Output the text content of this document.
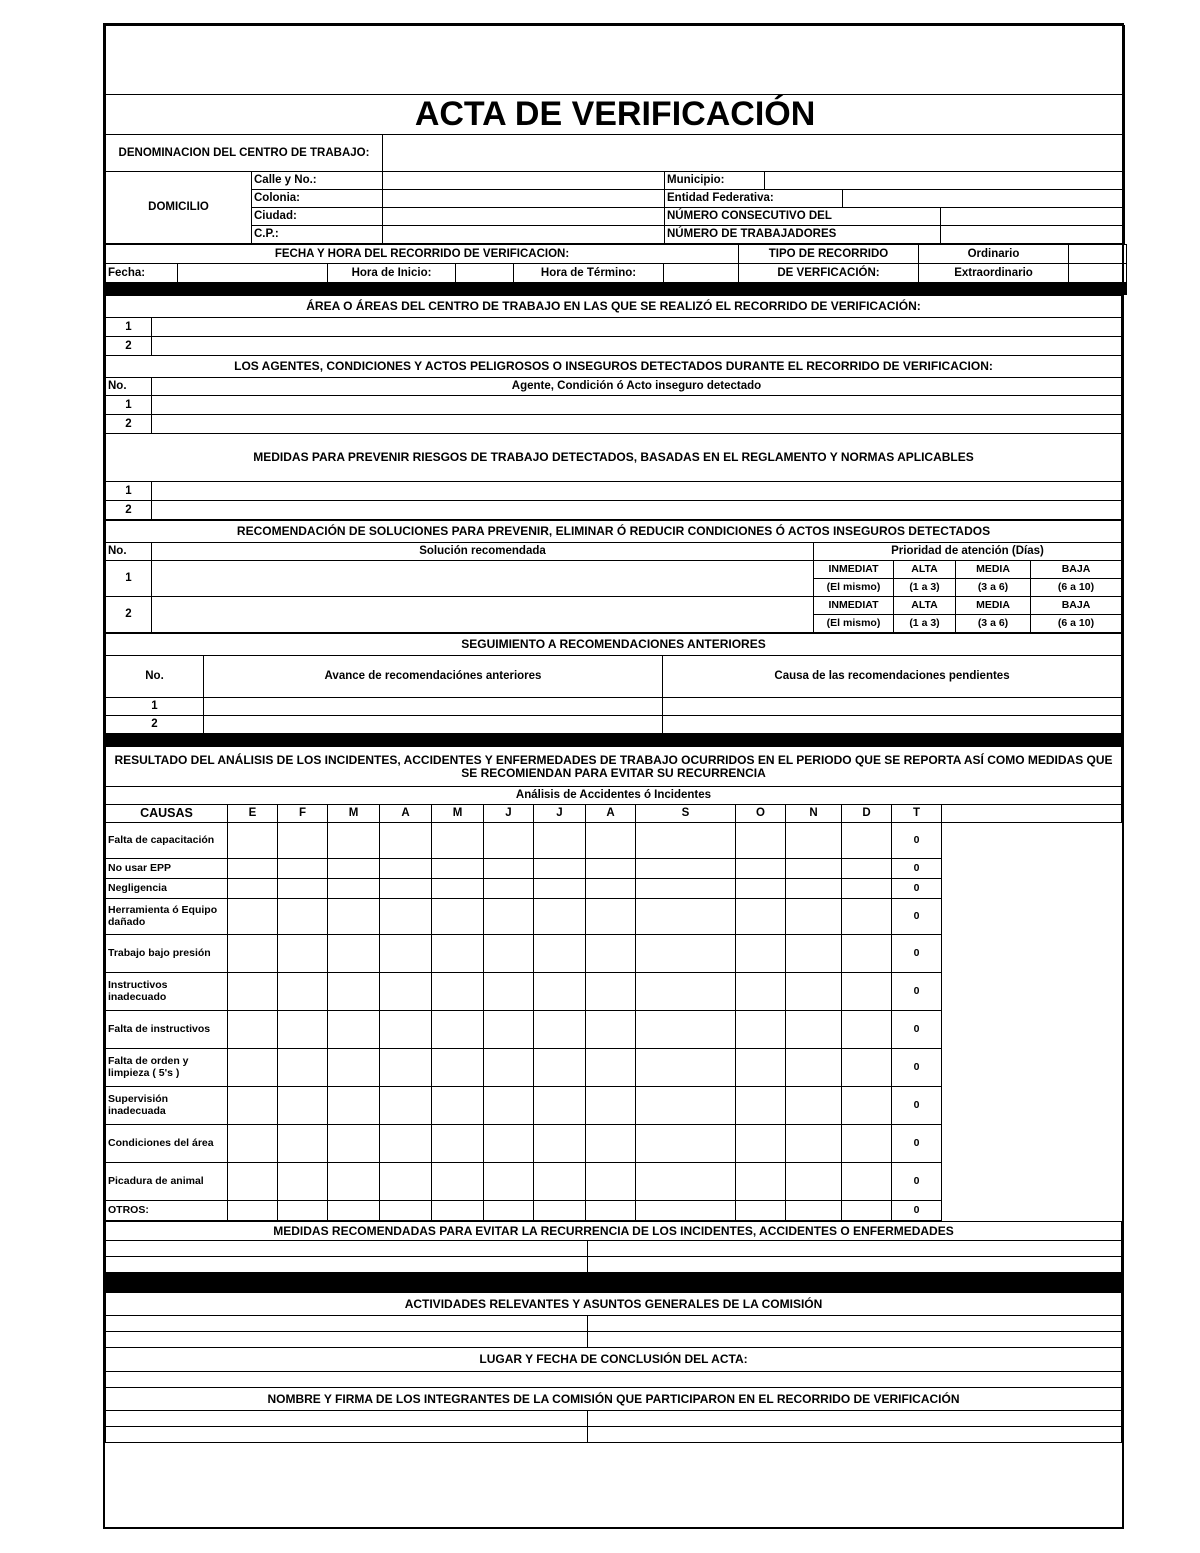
ACTA DE VERIFICACIÓN						
DENOMINACION DEL CENTRO DE TRABAJO:						
DOMICILIO	Calle y No.:		Municipio:			
	Colonia:		Entidad Federativa:			
	Ciudad:		NÚMERO CONSECUTIVO DEL			
	C.P.:		NÚMERO DE TRABAJADORES			
FECHA Y HORA DEL RECORRIDO DE VERIFICACION:						TIPO DE RECORRIDO	Ordinario	
Fecha:		Hora de Inicio:		Hora de Término:		DE VERFICACIÓN:	Extraordinario	

ÁREA O ÁREAS DEL CENTRO DE TRABAJO EN LAS QUE SE REALIZÓ EL RECORRIDO DE VERIFICACIÓN:	
1	
2	
LOS AGENTES, CONDICIONES Y ACTOS PELIGROSOS O INSEGUROS DETECTADOS DURANTE EL RECORRIDO DE VERIFICACION:	
No.	Agente, Condición ó Acto inseguro detectado
1	
2	
MEDIDAS PARA PREVENIR RIESGOS DE TRABAJO DETECTADOS, BASADAS EN EL REGLAMENTO Y NORMAS APLICABLES	
1	
2	
RECOMENDACIÓN DE SOLUCIONES PARA PREVENIR, ELIMINAR Ó REDUCIR CONDICIONES Ó ACTOS INSEGUROS DETECTADOS					
No.	Solución recomendada	Prioridad de atención (Días)			
1		INMEDIAT	ALTA	MEDIA	BAJA
		(El mismo)	(1 a 3)	(3 a 6)	(6 a 10)
2		INMEDIAT	ALTA	MEDIA	BAJA
		(El mismo)	(1 a 3)	(3 a 6)	(6 a 10)
SEGUIMIENTO A RECOMENDACIONES ANTERIORES		
No.	Avance de recomendaciónes anteriores	Causa de las recomendaciones pendientes
1		
2		

RESULTADO DEL ANÁLISIS DE LOS INCIDENTES, ACCIDENTES Y ENFERMEDADES DE TRABAJO OCURRIDOS EN EL PERIODO QUE SE REPORTA ASÍ COMO MEDIDAS QUE SE RECOMIENDAN PARA EVITAR SU RECURRENCIA														
Análisis de Accidentes ó Incidentes														
CAUSAS	E	F	M	A	M	J	J	A	S	O	N	D	T	
Falta de capacitación													0	
No usar EPP													0	
Negligencia													0	
Herramienta ó Equipo dañado													0	
Trabajo bajo presión													0	
Instructivos inadecuado													0	
Falta de instructivos													0	
Falta de orden y limpieza ( 5's )													0	
Supervisión inadecuada													0	
Condiciones del área													0	
Picadura de animal													0	
OTROS:													0	
MEDIDAS RECOMENDADAS PARA EVITAR LA RECURRENCIA DE LOS INCIDENTES, ACCIDENTES O ENFERMEDADES	

ACTIVIDADES RELEVANTES Y ASUNTOS GENERALES DE LA COMISIÓN	

LUGAR Y FECHA DE CONCLUSIÓN DEL ACTA:	

NOMBRE Y FIRMA DE LOS INTEGRANTES DE LA COMISIÓN QUE PARTICIPARON EN EL RECORRIDO DE VERIFICACIÓN	
